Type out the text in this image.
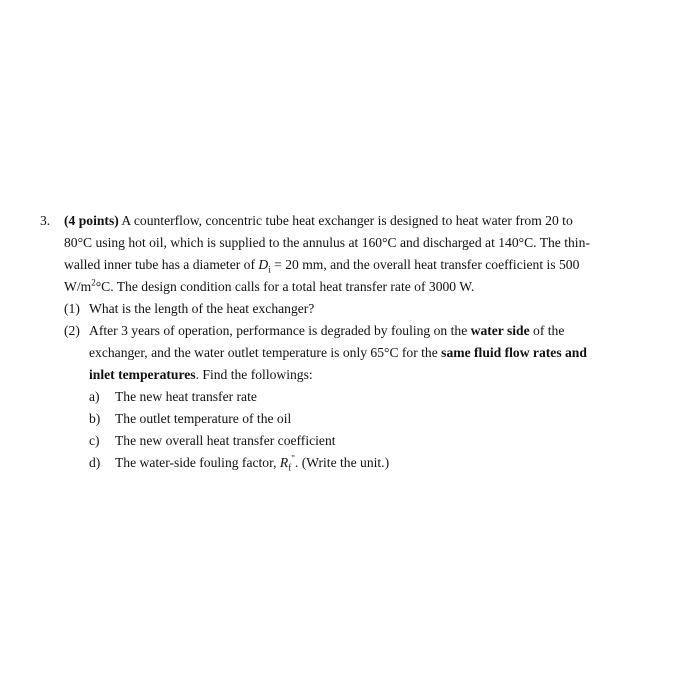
3. (4 points) A counterflow, concentric tube heat exchanger is designed to heat water from 20 to
80°C using hot oil, which is supplied to the annulus at 160°C and discharged at 140°C. The thin-
walled inner tube has a diameter of $D_i = 20$ mm, and the overall heat transfer coefficient is 500
$W/m^2^\circ C$. The design condition calls for a total heat transfer rate of 3000 W.
(1) What is the length of the heat exchanger?
(2) After 3 years of operation, performance is degraded by fouling on the water side of the
exchanger, and the water outlet temperature is only 65°C for the same fluid flow rates and
inlet temperatures. Find the followings:
a) The new heat transfer rate
b) The outlet temperature of the oil
c) The new overall heat transfer coefficient
d) The water-side fouling factor, $R_f^"$. (Write the unit.)
